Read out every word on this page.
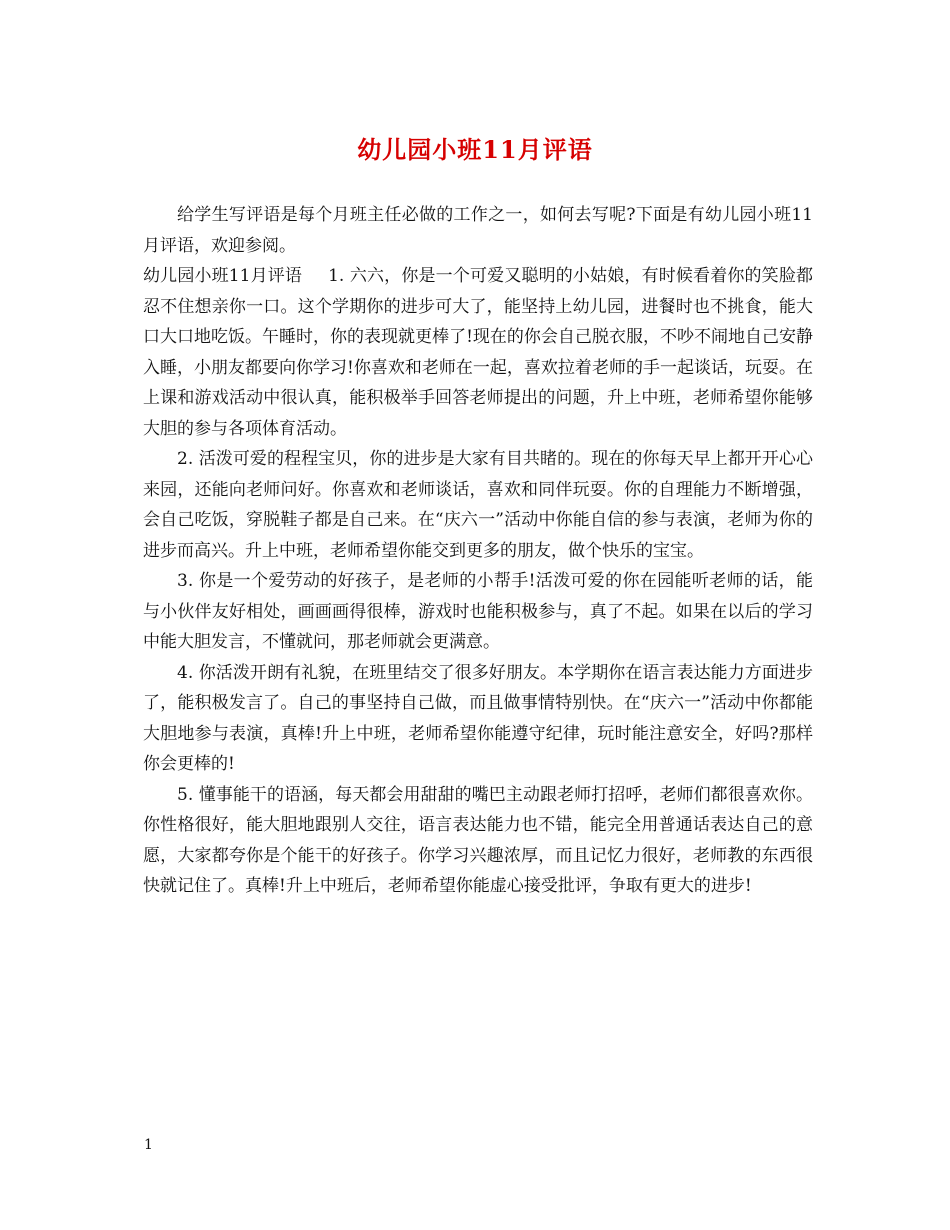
幼儿园小班11月评语

给学生写评语是每个月班主任必做的工作之一，如何去写呢?下面是有幼儿园小班11月评语，欢迎参阅。

幼儿园小班11月评语 1. 六六，你是一个可爱又聪明的小姑娘，有时候看着你的笑脸都忍不住想亲你一口。这个学期你的进步可大了，能坚持上幼儿园，进餐时也不挑食，能大口大口地吃饭。午睡时，你的表现就更棒了!现在的你会自己脱衣服，不吵不闹地自己安静入睡，小朋友都要向你学习!你喜欢和老师在一起，喜欢拉着老师的手一起谈话，玩耍。在上课和游戏活动中很认真，能积极举手回答老师提出的问题，升上中班，老师希望你能够大胆的参与各项体育活动。

2. 活泼可爱的程程宝贝，你的进步是大家有目共睹的。现在的你每天早上都开开心心来园，还能向老师问好。你喜欢和老师谈话，喜欢和同伴玩耍。你的自理能力不断增强，会自己吃饭，穿脱鞋子都是自己来。在“庆六一”活动中你能自信的参与表演，老师为你的进步而高兴。升上中班，老师希望你能交到更多的朋友，做个快乐的宝宝。

3. 你是一个爱劳动的好孩子，是老师的小帮手!活泼可爱的你在园能听老师的话，能与小伙伴友好相处，画画画得很棒，游戏时也能积极参与，真了不起。如果在以后的学习中能大胆发言，不懂就问，那老师就会更满意。

4. 你活泼开朗有礼貌，在班里结交了很多好朋友。本学期你在语言表达能力方面进步了，能积极发言了。自己的事坚持自己做，而且做事情特别快。在“庆六一”活动中你都能大胆地参与表演，真棒!升上中班，老师希望你能遵守纪律，玩时能注意安全，好吗?那样你会更棒的!

5. 懂事能干的语涵，每天都会用甜甜的嘴巴主动跟老师打招呼，老师们都很喜欢你。你性格很好，能大胆地跟别人交往，语言表达能力也不错，能完全用普通话表达自己的意愿，大家都夸你是个能干的好孩子。你学习兴趣浓厚，而且记忆力很好，老师教的东西很快就记住了。真棒!升上中班后，老师希望你能虚心接受批评，争取有更大的进步!

1
